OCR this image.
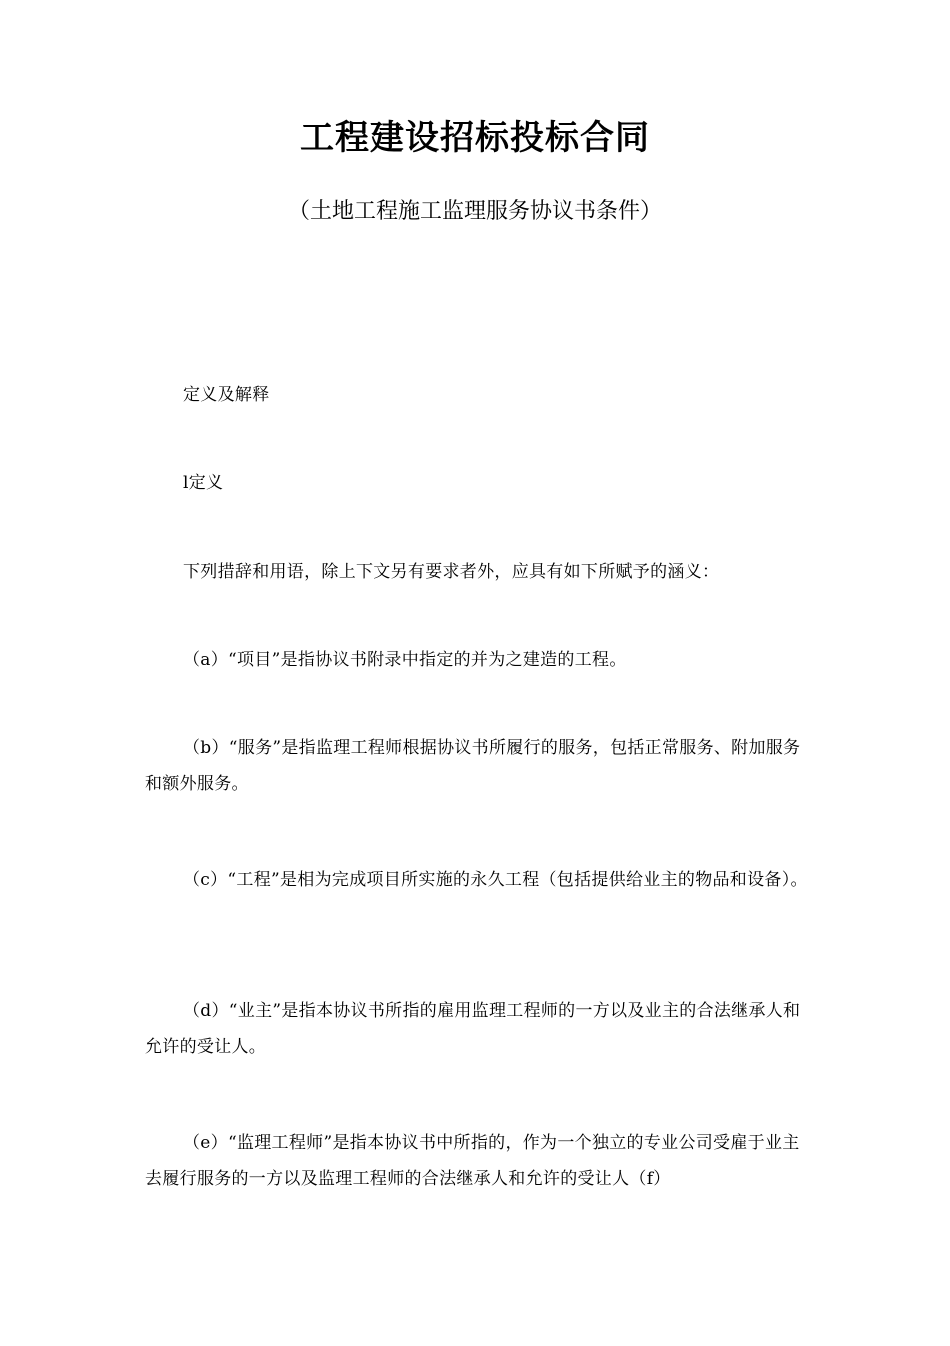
工程建设招标投标合同

（土地工程施工监理服务协议书条件）

定义及解释

l定义

下列措辞和用语，除上下文另有要求者外，应具有如下所赋予的涵义：

（a）“项目”是指协议书附录中指定的并为之建造的工程。

（b）“服务”是指监理工程师根据协议书所履行的服务，包括正常服务、附加服务和额外服务。

（c）“工程”是相为完成项目所实施的永久工程（包括提供给业主的物品和设备）。

（d）“业主”是指本协议书所指的雇用监理工程师的一方以及业主的合法继承人和允许的受让人。

（e）“监理工程师”是指本协议书中所指的，作为一个独立的专业公司受雇于业主去履行服务的一方以及监理工程师的合法继承人和允许的受让人（f）
